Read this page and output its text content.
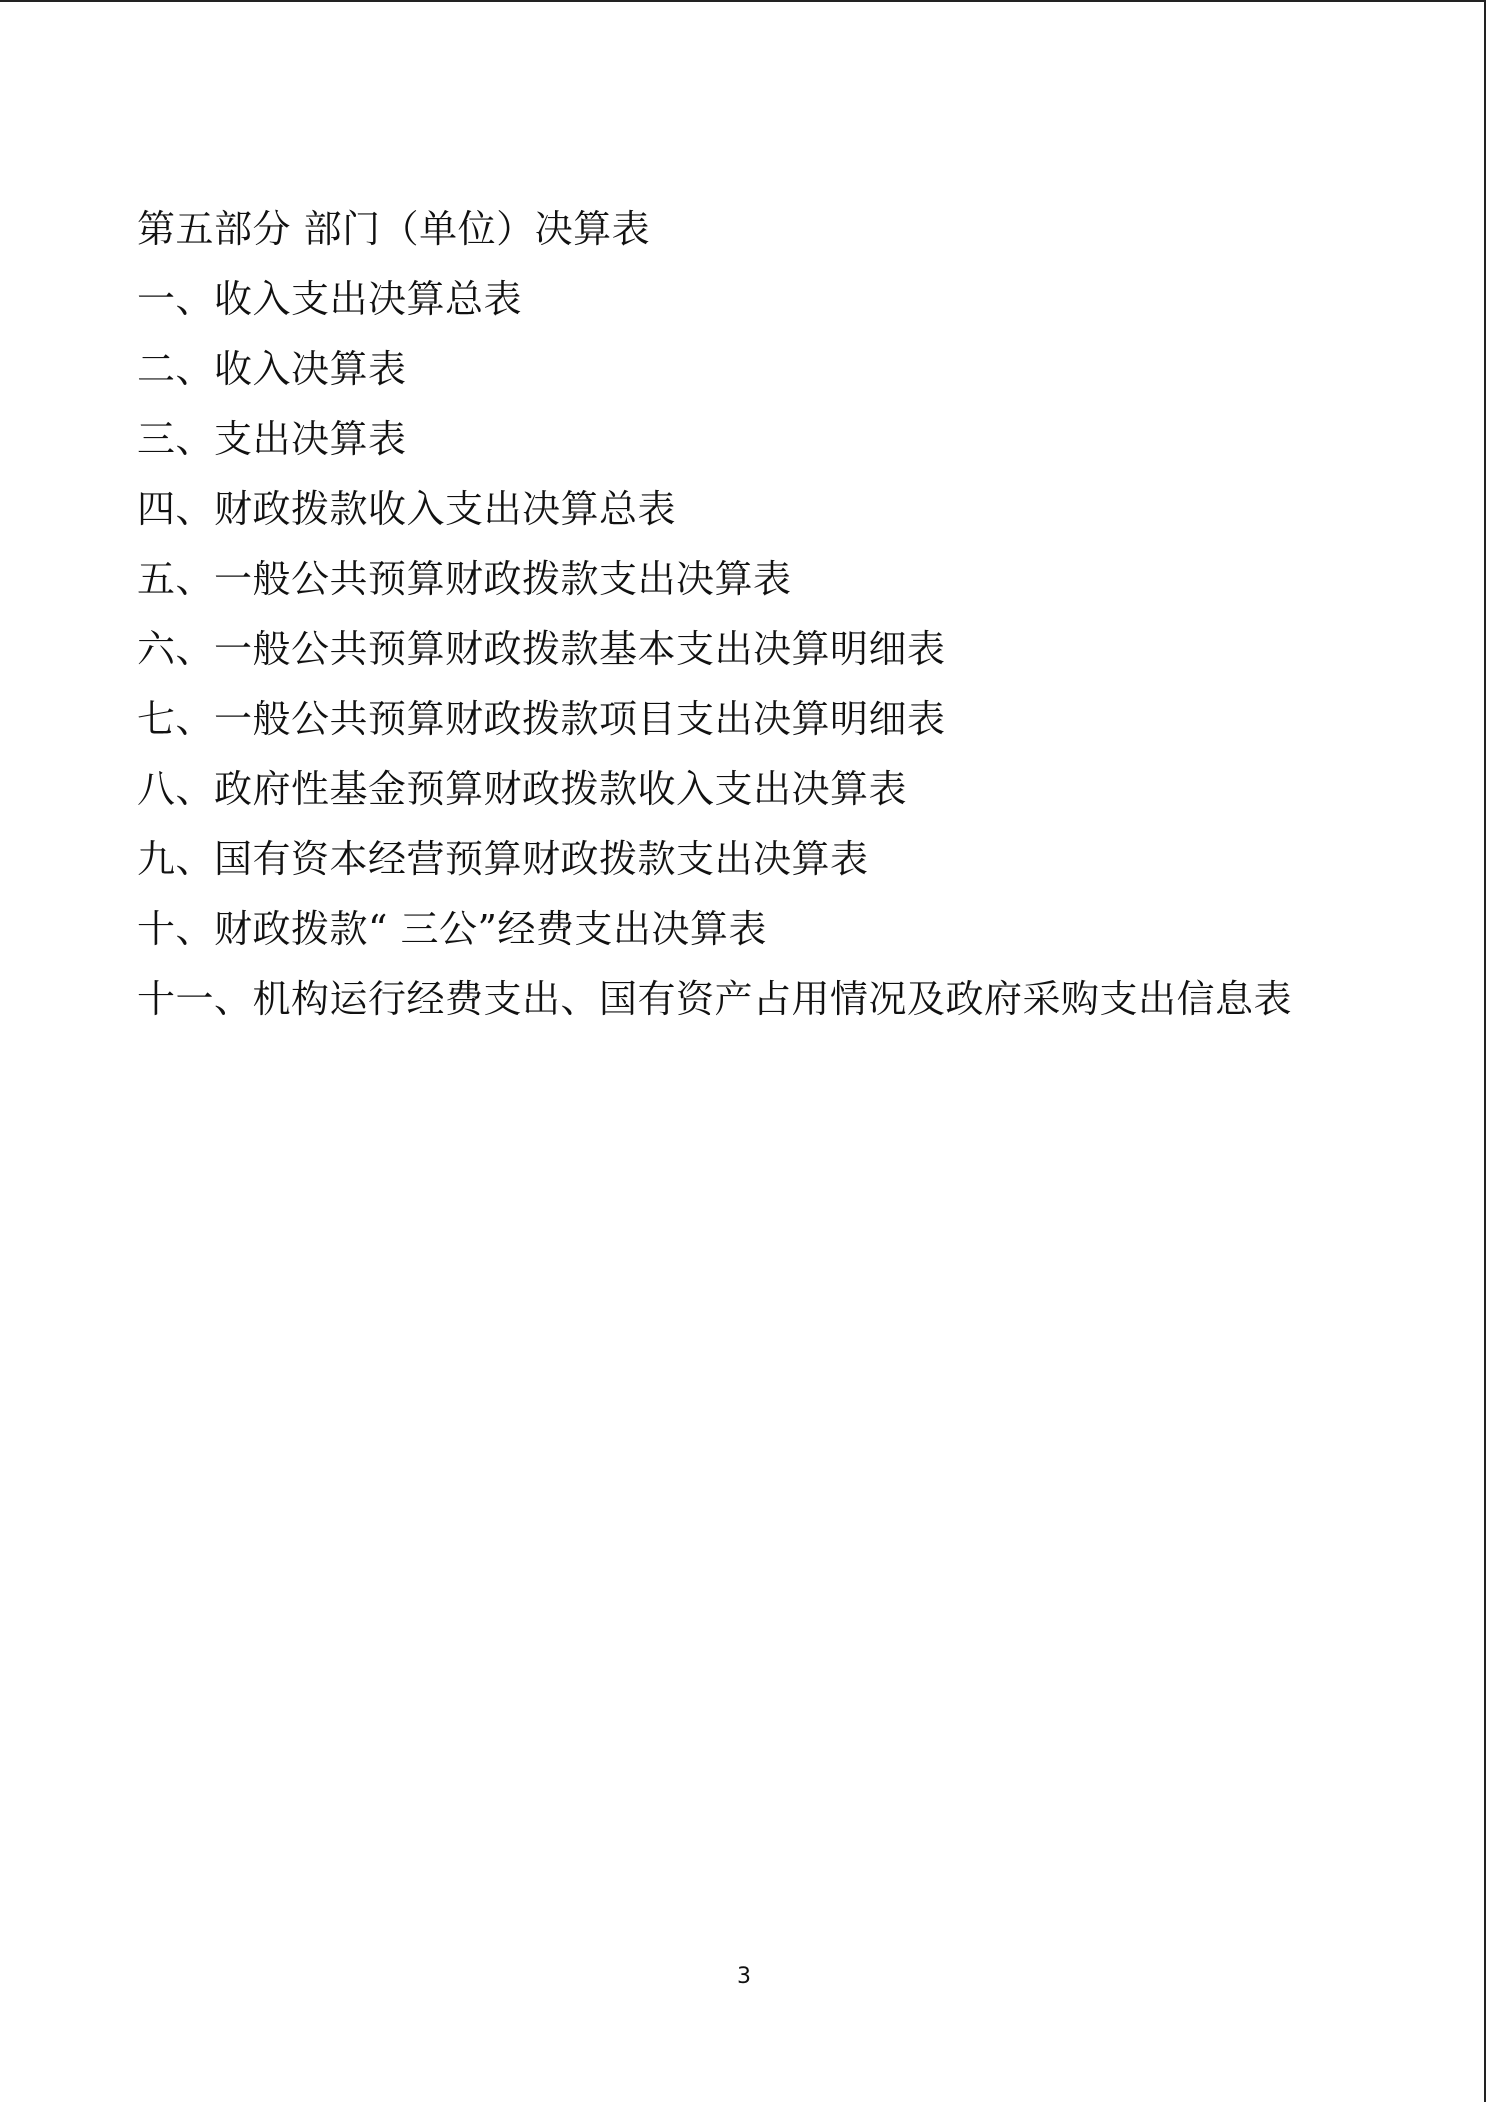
第五部分 部门（单位）决算表
一、收入支出决算总表
二、收入决算表
三、支出决算表
四、财政拨款收入支出决算总表
五、一般公共预算财政拨款支出决算表
六、一般公共预算财政拨款基本支出决算明细表
七、一般公共预算财政拨款项目支出决算明细表
八、政府性基金预算财政拨款收入支出决算表
九、国有资本经营预算财政拨款支出决算表
十、财政拨款“ 三公”经费支出决算表
十一、机构运行经费支出、国有资产占用情况及政府采购支出信息表
3
